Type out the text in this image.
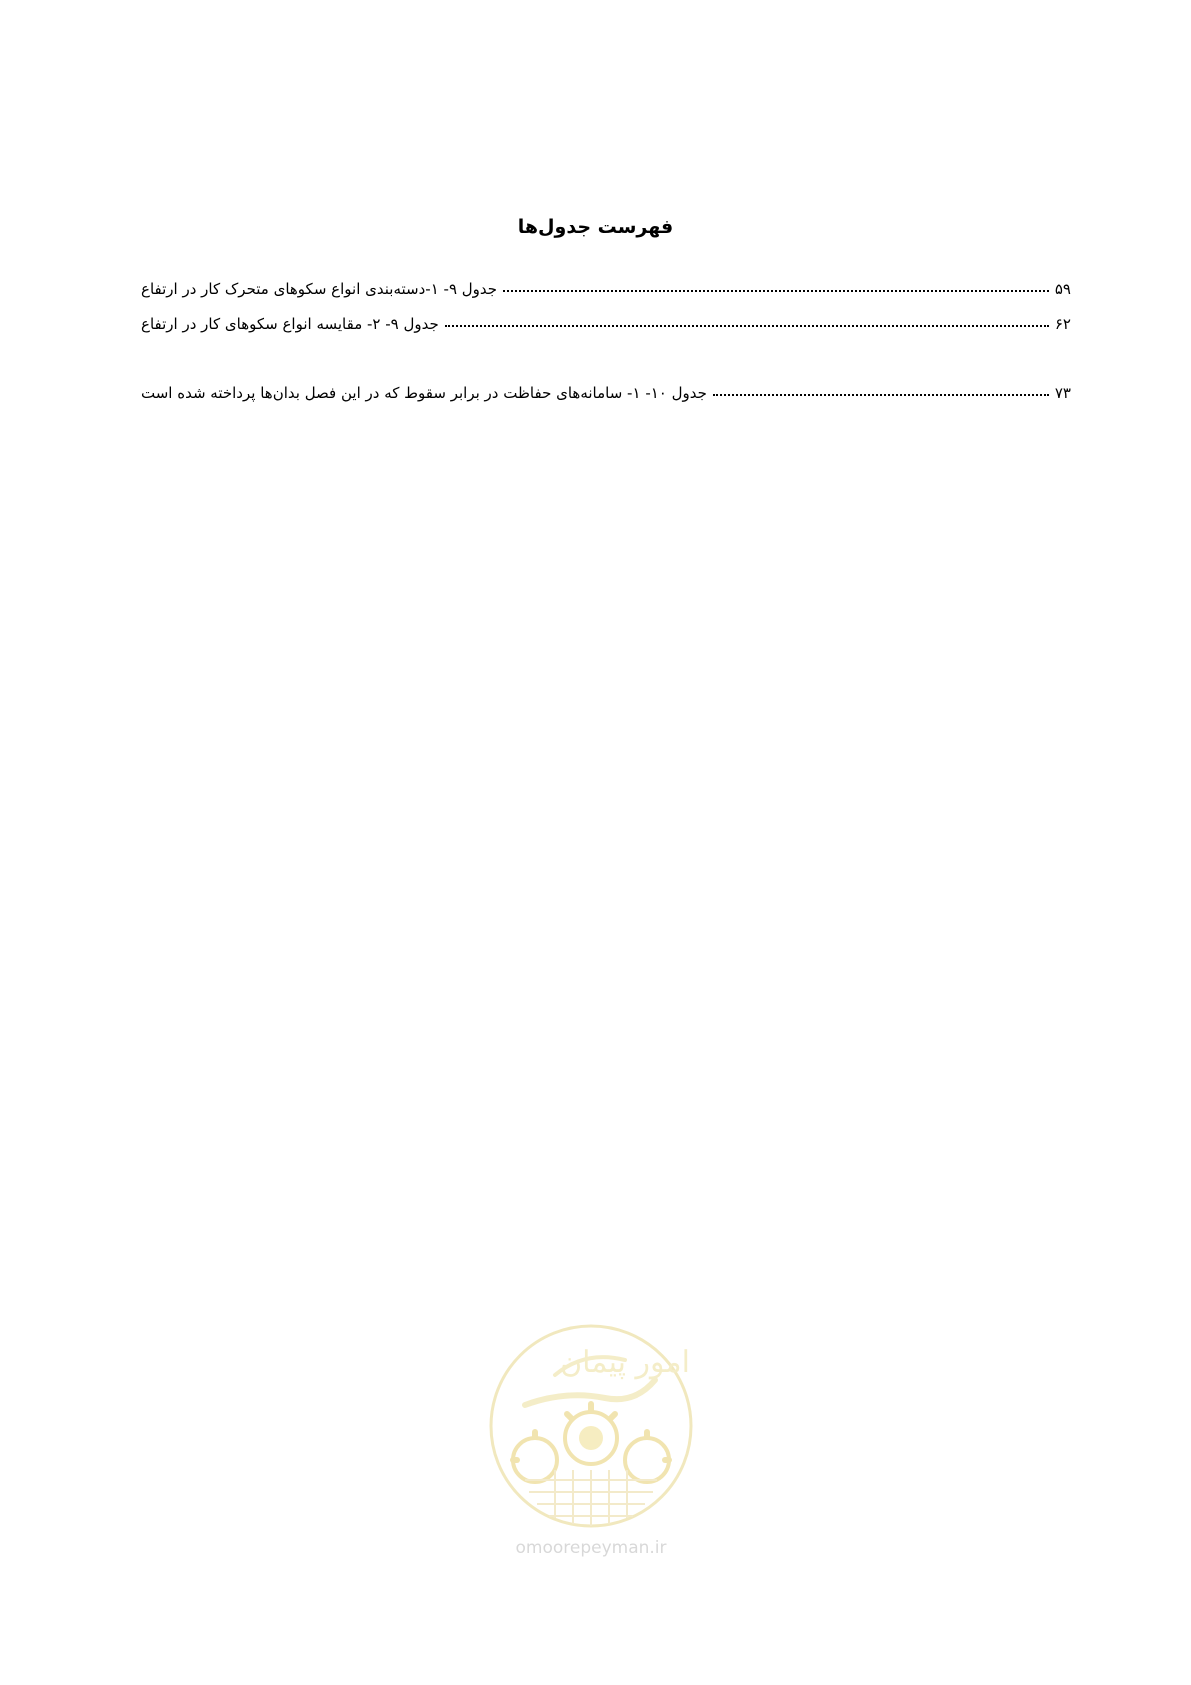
فهرست جدول‌ها
جدول ۹- ۱-دسته‌بندی انواع سکوهای متحرک کار در ارتفاع	۵۹
جدول ۹- ۲- مقایسه انواع سکوهای کار در ارتفاع	۶۲
جدول ۱۰- ۱- سامانه‌های حفاظت در برابر سقوط که در این فصل بدان‌ها پرداخته شده است	۷۳
امور پیمان
omoorepeyman.ir
